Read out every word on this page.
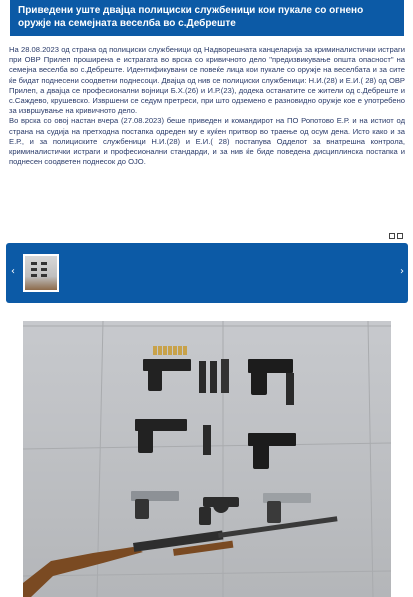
Приведени уште двајца полициски службеници кои пукале со огнено оружје на семејната веселба во с.Дебреште

На 28.08.2023 од страна од полициски службеници од Надворешната канцеларија за криминалистички истраги при ОВР Прилеп проширена е истрагата во врска со кривичното дело "предизвикување општа опасност" на семејна веселба во с.Дебреште. Идентификувани се повеќе лица кои пукале со оружје на веселбата и за сите ќе бидат поднесени соодветни поднесоци. Двајца од нив се полициски службеници: Н.И.(28) и Е.И.( 28) од ОВР Прилеп, а двајца се професионални војници Б.Х.(26) и И.Р.(23), додека останатите се жители од с.Дебреште и с.Саждево, крушевско. Извршени се седум претреси, при што одземено е разновидно оружје кое е употребено за извршување на кривичното дело.

Во врска со овој настан вчера (27.08.2023) беше приведен и командирот на ПО Ропотово Е.Р. и на истиот од страна на судија на претходна постапка одреден му е куќен притвор во траење од осум дена. Исто како и за Е.Р., и за полициските службеници Н.И.(28) и Е.И.( 28) постапува Одделот за внатрешна контрола, криминалистички истраги и професионални стандарди, и за нив ќе биде поведена дисциплинска постапка и поднесен соодветен поднесок до ОЈО.

‹	›
